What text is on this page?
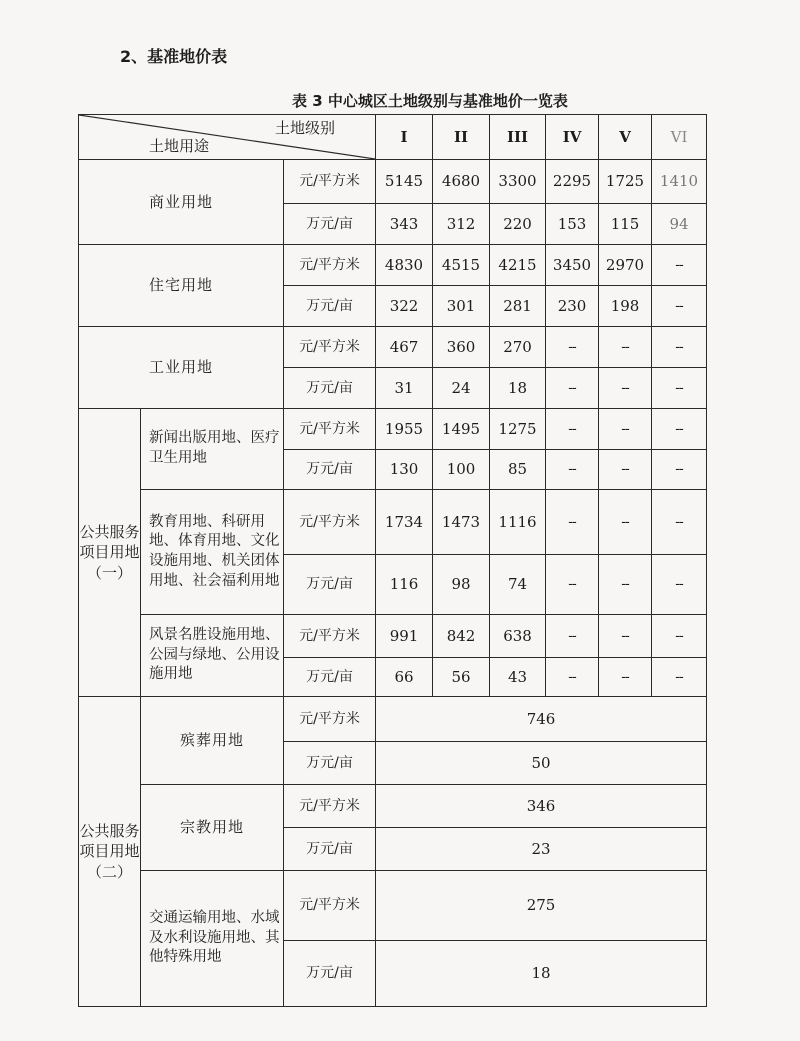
2、基准地价表
表 3 中心城区土地级别与基准地价一览表
土地级别
土地用途			I	II	III	IV	V	VI
商业用地		元/平方米	5145	4680	3300	2295	1725	1410
		万元/亩	343	312	220	153	115	94
住宅用地		元/平方米	4830	4515	4215	3450	2970	--
		万元/亩	322	301	281	230	198	--
工业用地		元/平方米	467	360	270	--	--	--
		万元/亩	31	24	18	--	--	--
公共服务项目用地（一）	新闻出版用地、医疗卫生用地	元/平方米	1955	1495	1275	--	--	--
		万元/亩	130	100	85	--	--	--
	教育用地、科研用地、体育用地、文化设施用地、机关团体用地、社会福利用地	元/平方米	1734	1473	1116	--	--	--
		万元/亩	116	98	74	--	--	--
	风景名胜设施用地、公园与绿地、公用设施用地	元/平方米	991	842	638	--	--	--
		万元/亩	66	56	43	--	--	--
公共服务项目用地（二）	殡葬用地	元/平方米	746					
		万元/亩	50					
	宗教用地	元/平方米	346					
		万元/亩	23					
	交通运输用地、水域及水利设施用地、其他特殊用地	元/平方米	275					
		万元/亩	18					
